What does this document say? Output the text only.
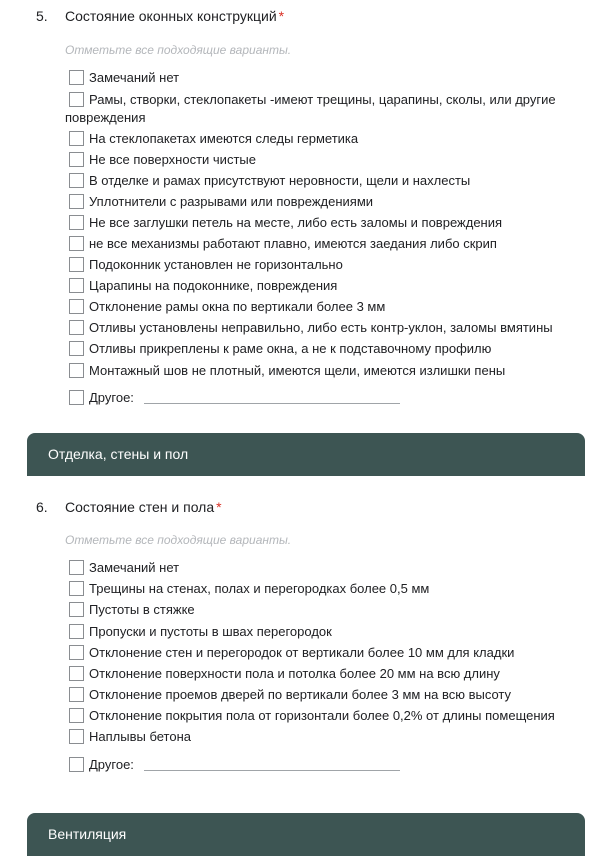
5. Состояние оконных конструкций *
Отметьте все подходящие варианты.
Замечаний нет
Рамы, створки, стеклопакеты -имеют трещины, царапины, сколы, или другие
повреждения
На стеклопакетах имеются следы герметика
Не все поверхности чистые
В отделке и рамах присутствуют неровности, щели и нахлесты
Уплотнители с разрывами или повреждениями
Не все заглушки петель на месте, либо есть заломы и повреждения
не все механизмы работают плавно, имеются заедания либо скрип
Подоконник установлен не горизонтально
Царапины на подоконнике, повреждения
Отклонение рамы окна по вертикали более 3 мм
Отливы установлены неправильно, либо есть контр-уклон, заломы вмятины
Отливы прикреплены к раме окна, а не к подставочному профилю
Монтажный шов не плотный, имеются щели, имеются излишки пены
Другое:
Отделка, стены и пол
6. Состояние стен и пола *
Отметьте все подходящие варианты.
Замечаний нет
Трещины на стенах, полах и перегородках более 0,5 мм
Пустоты в стяжке
Пропуски и пустоты в швах перегородок
Отклонение стен и перегородок от вертикали более 10 мм для кладки
Отклонение поверхности пола и потолка более 20 мм на всю длину
Отклонение проемов дверей по вертикали более 3 мм на всю высоту
Отклонение покрытия пола от горизонтали более 0,2% от длины помещения
Наплывы бетона
Другое:
Вентиляция
